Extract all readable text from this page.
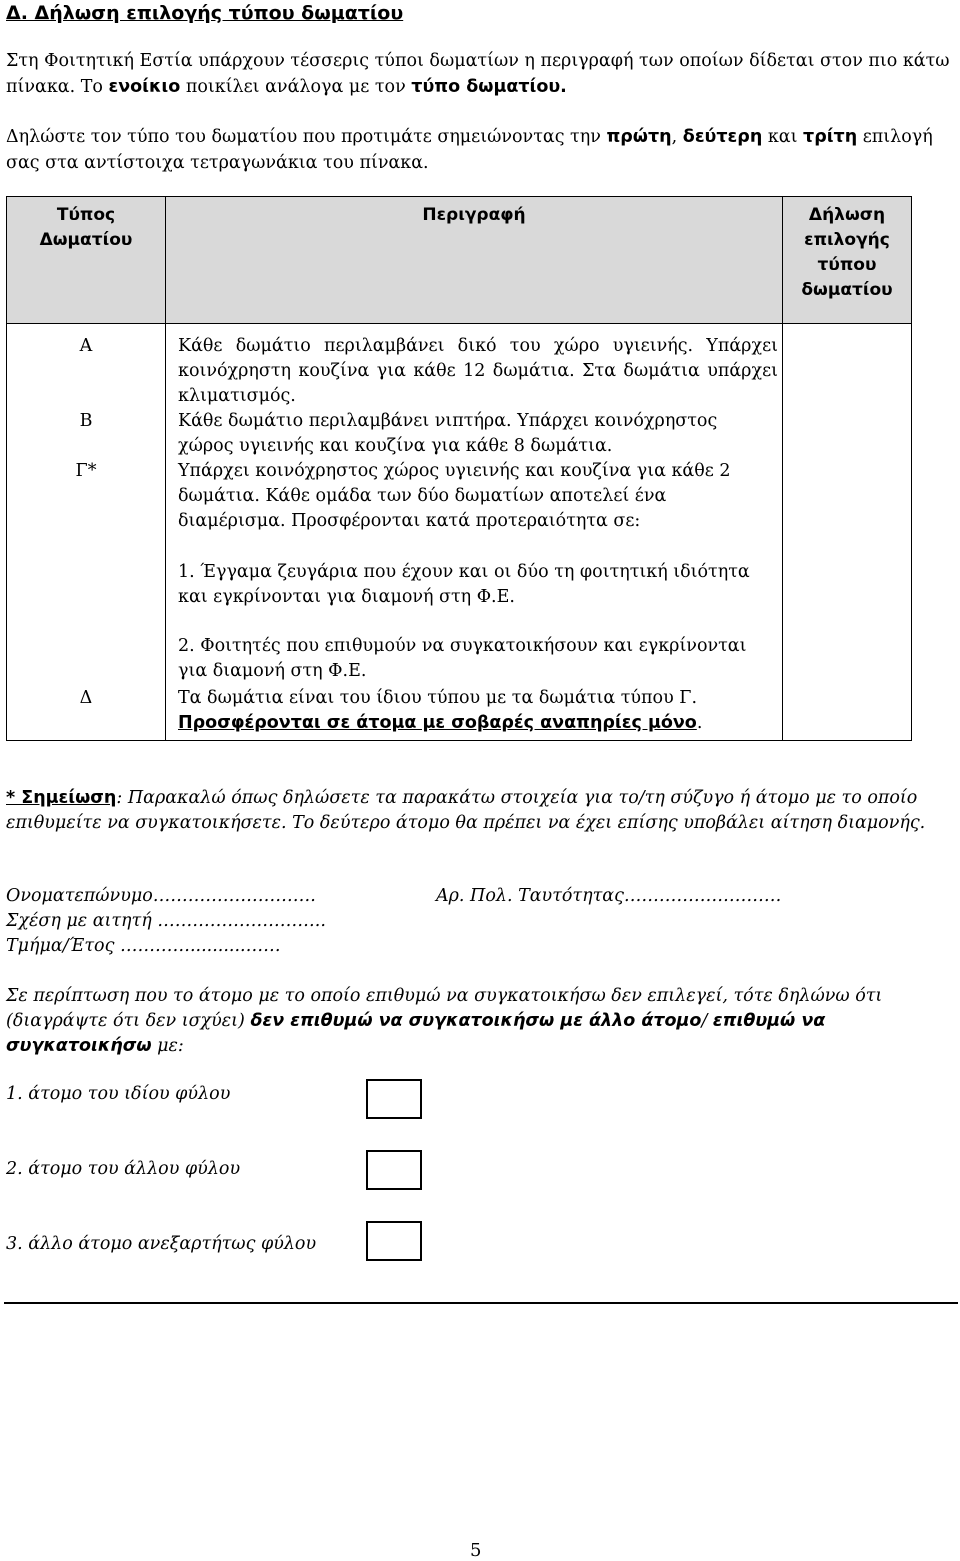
Δ. Δήλωση επιλογής τύπου δωματίου
Στη Φοιτητική Εστία υπάρχουν τέσσερις τύποι δωματίων η περιγραφή των οποίων δίδεται στον πιο κάτω πίνακα. Το ενοίκιο ποικίλει ανάλογα με τον τύπο δωματίου.
Δηλώστε τον τύπο του δωματίου που προτιμάτε σημειώνοντας την πρώτη, δεύτερη και τρίτη επιλογή σας στα αντίστοιχα τετραγωνάκια του πίνακα.
Τύπος Δωματίου	Περιγραφή	Δήλωση επιλογής τύπου δωματίου
Α	Κάθε δωμάτιο περιλαμβάνει δικό του χώρο υγιεινής. Υπάρχει κοινόχρηστη κουζίνα για κάθε 12 δωμάτια. Στα δωμάτια υπάρχει κλιματισμός.	
Β	Κάθε δωμάτιο περιλαμβάνει νιπτήρα. Υπάρχει κοινόχρηστος χώρος υγιεινής και κουζίνα για κάθε 8 δωμάτια.	
Γ*	Υπάρχει κοινόχρηστος χώρος υγιεινής και κουζίνα για κάθε 2 δωμάτια. Κάθε ομάδα των δύο δωματίων αποτελεί ένα διαμέρισμα. Προσφέρονται κατά προτεραιότητα σε:
1. Έγγαμα ζευγάρια που έχουν και οι δύο τη φοιτητική ιδιότητα και εγκρίνονται για διαμονή στη Φ.Ε.
2. Φοιτητές που επιθυμούν να συγκατοικήσουν και εγκρίνονται για διαμονή στη Φ.Ε.	

Δ	Τα δωμάτια είναι του ίδιου τύπου με τα δωμάτια τύπου Γ. Προσφέρονται σε άτομα με σοβαρές αναπηρίες μόνο.	
* Σημείωση: Παρακαλώ όπως δηλώσετε τα παρακάτω στοιχεία για το/τη σύζυγο ή άτομο με το οποίο επιθυμείτε να συγκατοικήσετε. Το δεύτερο άτομο θα πρέπει να έχει επίσης υποβάλει αίτηση διαμονής.
Ονοματεπώνυμο……………………….	Αρ. Πολ. Ταυτότητας………………………
Σχέση με αιτητή ………………………..
Τμήμα/Έτος …………..........……
Σε περίπτωση που το άτομο με το οποίο επιθυμώ να συγκατοικήσω δεν επιλεγεί, τότε δηλώνω ότι (διαγράψτε ότι δεν ισχύει) δεν επιθυμώ να συγκατοικήσω με άλλο άτομο/ επιθυμώ να συγκατοικήσω με:
1. άτομο του ιδίου φύλου
2. άτομο του άλλου φύλου
3. άλλο άτομο ανεξαρτήτως φύλου
5
